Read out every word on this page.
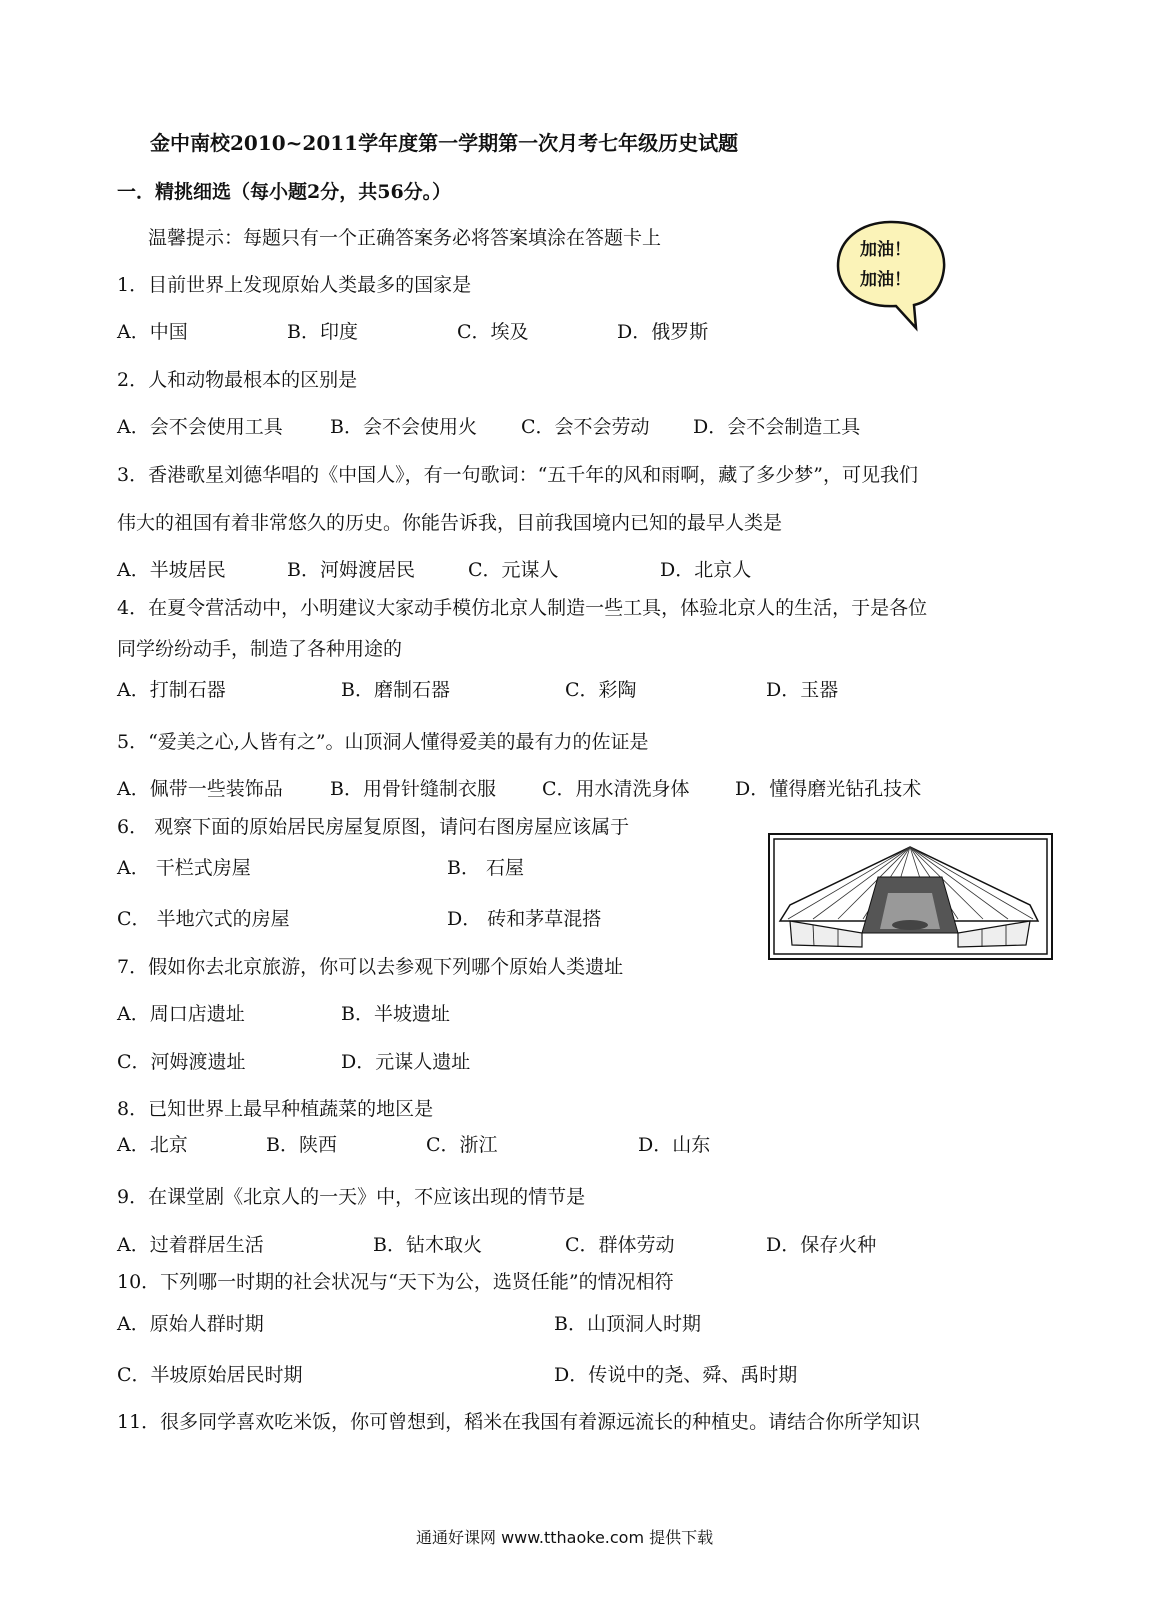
金中南校2010~2011学年度第一学期第一次月考七年级历史试题
一．精挑细选（每小题2分，共56分。）
温馨提示：每题只有一个正确答案务必将答案填涂在答题卡上
加油！
加油！
1．目前世界上发现原始人类最多的国家是
A．中国	B．印度	C．埃及	D．俄罗斯
2．人和动物最根本的区别是
A．会不会使用工具 B．会不会使用火 C．会不会劳动 D．会不会制造工具
3．香港歌星刘德华唱的《中国人》，有一句歌词：“五千年的风和雨啊，藏了多少梦”，可见我们
伟大的祖国有着非常悠久的历史。你能告诉我，目前我国境内已知的最早人类是
A．半坡居民	B．河姆渡居民	C．元谋人	D．北京人
4．在夏令营活动中，小明建议大家动手模仿北京人制造一些工具，体验北京人的生活，于是各位
同学纷纷动手，制造了各种用途的
A．打制石器	B．磨制石器	C．彩陶	D．玉器
5．“爱美之心,人皆有之”。山顶洞人懂得爱美的最有力的佐证是
A．佩带一些装饰品 B．用骨针缝制衣服 C．用水清洗身体 D．懂得磨光钻孔技术
6． 观察下面的原始居民房屋复原图，请问右图房屋应该属于
A． 干栏式房屋	B． 石屋
C． 半地穴式的房屋	D． 砖和茅草混搭
7．假如你去北京旅游，你可以去参观下列哪个原始人类遗址
A．周口店遗址	B．半坡遗址
C．河姆渡遗址	D．元谋人遗址
8．已知世界上最早种植蔬菜的地区是
A．北京	B．陕西	C．浙江	D．山东
9．在课堂剧《北京人的一天》中，不应该出现的情节是
A．过着群居生活	B．钻木取火	C．群体劳动	D．保存火种
10．下列哪一时期的社会状况与“天下为公，选贤任能”的情况相符
A．原始人群时期	B．山顶洞人时期
C．半坡原始居民时期	D．传说中的尧、舜、禹时期
11．很多同学喜欢吃米饭，你可曾想到，稻米在我国有着源远流长的种植史。请结合你所学知识
通通好课网 www.tthaoke.com 提供下载
